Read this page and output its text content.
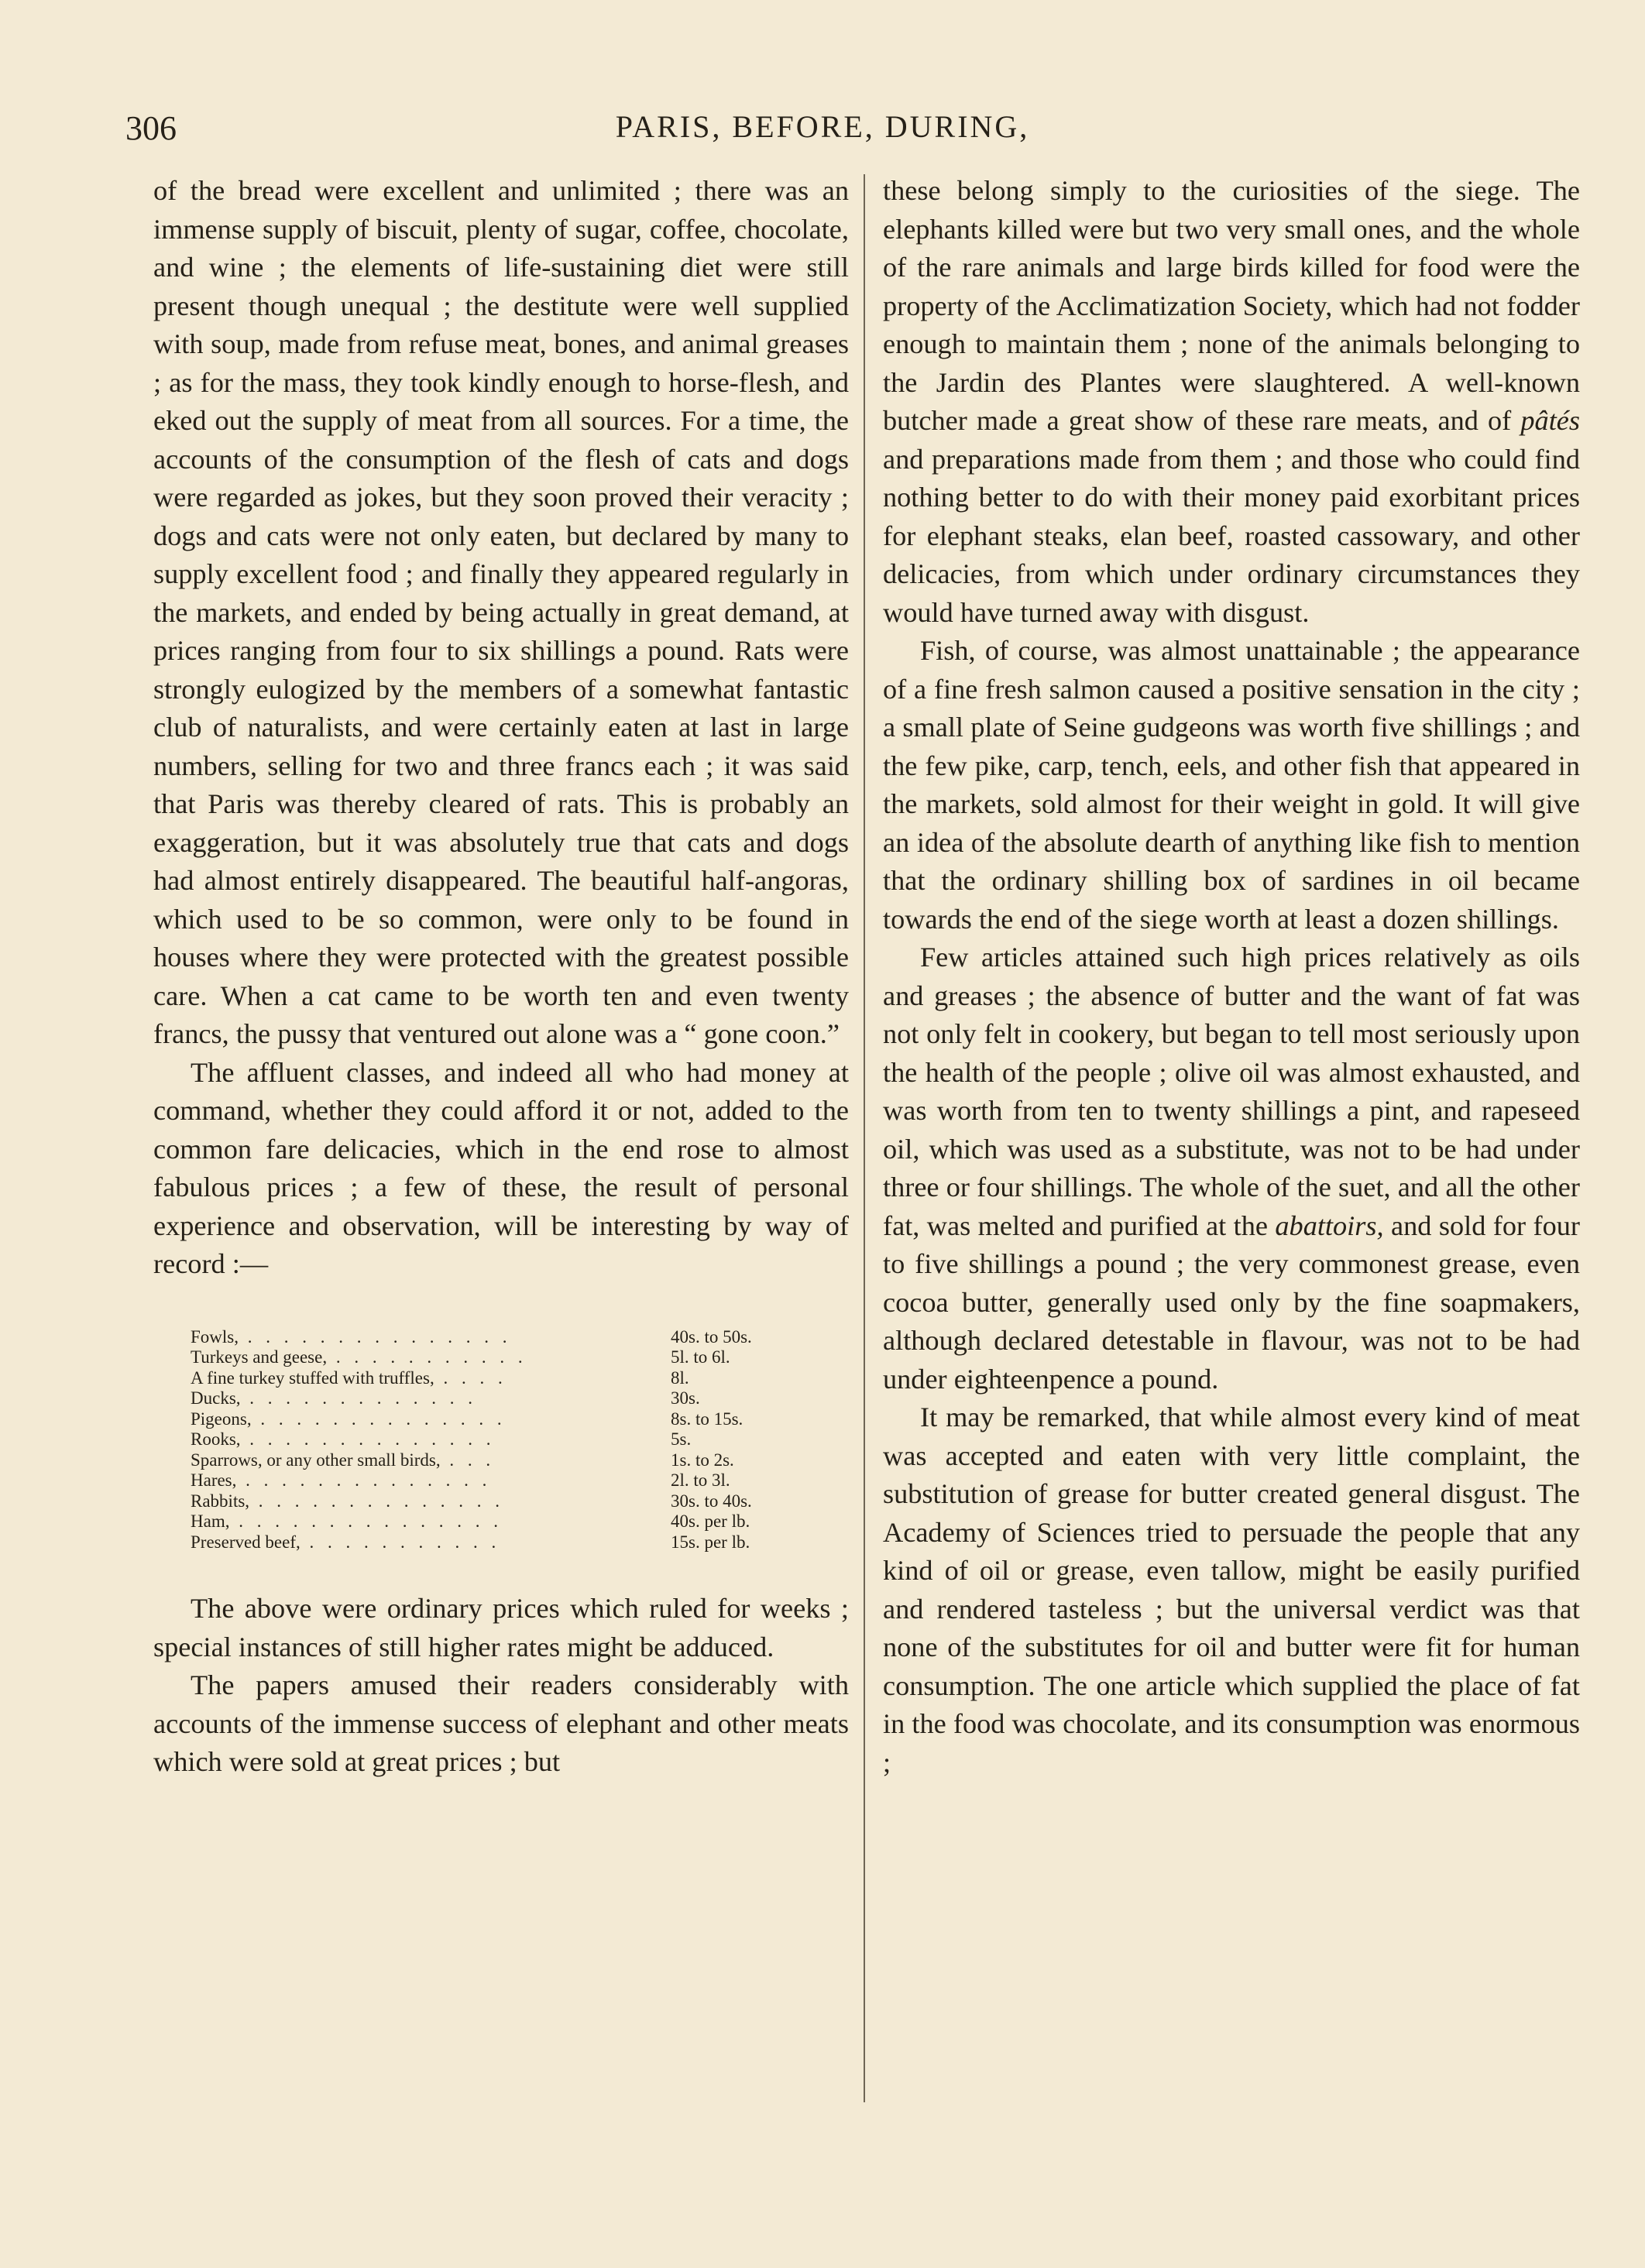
306	PARIS, BEFORE, DURING,

of the bread were excellent and unlimited ; there was an immense supply of biscuit, plenty of sugar, coffee, chocolate, and wine ; the elements of life-sustaining diet were still present though unequal ; the destitute were well supplied with soup, made from refuse meat, bones, and animal greases ; as for the mass, they took kindly enough to horse-flesh, and eked out the supply of meat from all sources. For a time, the accounts of the consumption of the flesh of cats and dogs were regarded as jokes, but they soon proved their veracity ; dogs and cats were not only eaten, but declared by many to supply excellent food ; and finally they appeared regularly in the markets, and ended by being actually in great demand, at prices ranging from four to six shillings a pound. Rats were strongly eulogized by the members of a somewhat fantastic club of naturalists, and were certainly eaten at last in large numbers, selling for two and three francs each ; it was said that Paris was thereby cleared of rats. This is probably an exaggeration, but it was absolutely true that cats and dogs had almost entirely disappeared. The beautiful half-angoras, which used to be so common, were only to be found in houses where they were protected with the greatest possible care. When a cat came to be worth ten and even twenty francs, the pussy that ventured out alone was a “ gone coon.”

The affluent classes, and indeed all who had money at command, whether they could afford it or not, added to the common fare delicacies, which in the end rose to almost fabulous prices ; a few of these, the result of personal experience and observation, will be interesting by way of record :—

Fowls, . . . . . . . . . . . . . . .	40s. to 50s.
Turkeys and geese, . . . . . . . . . . .	5l. to 6l.
A fine turkey stuffed with truffles, . . . .	8l.
Ducks, . . . . . . . . . . . . .	30s.
Pigeons, . . . . . . . . . . . . . .	8s. to 15s.
Rooks, . . . . . . . . . . . . . .	5s.
Sparrows, or any other small birds, . . .	1s. to 2s.
Hares, . . . . . . . . . . . . . .	2l. to 3l.
Rabbits, . . . . . . . . . . . . . .	30s. to 40s.
Ham, . . . . . . . . . . . . . . .	40s. per lb.
Preserved beef, . . . . . . . . . . .	15s. per lb.

The above were ordinary prices which ruled for weeks ; special instances of still higher rates might be adduced.

The papers amused their readers considerably with accounts of the immense success of elephant and other meats which were sold at great prices ; but

these belong simply to the curiosities of the siege. The elephants killed were but two very small ones, and the whole of the rare animals and large birds killed for food were the property of the Acclimatization Society, which had not fodder enough to maintain them ; none of the animals belonging to the Jardin des Plantes were slaughtered. A well-known butcher made a great show of these rare meats, and of pâtés and preparations made from them ; and those who could find nothing better to do with their money paid exorbitant prices for elephant steaks, elan beef, roasted cassowary, and other delicacies, from which under ordinary circumstances they would have turned away with disgust.

Fish, of course, was almost unattainable ; the appearance of a fine fresh salmon caused a positive sensation in the city ; a small plate of Seine gudgeons was worth five shillings ; and the few pike, carp, tench, eels, and other fish that appeared in the markets, sold almost for their weight in gold. It will give an idea of the absolute dearth of anything like fish to mention that the ordinary shilling box of sardines in oil became towards the end of the siege worth at least a dozen shillings.

Few articles attained such high prices relatively as oils and greases ; the absence of butter and the want of fat was not only felt in cookery, but began to tell most seriously upon the health of the people ; olive oil was almost exhausted, and was worth from ten to twenty shillings a pint, and rapeseed oil, which was used as a substitute, was not to be had under three or four shillings. The whole of the suet, and all the other fat, was melted and purified at the abattoirs, and sold for four to five shillings a pound ; the very commonest grease, even cocoa butter, generally used only by the fine soapmakers, although declared detestable in flavour, was not to be had under eighteenpence a pound.

It may be remarked, that while almost every kind of meat was accepted and eaten with very little complaint, the substitution of grease for butter created general disgust. The Academy of Sciences tried to persuade the people that any kind of oil or grease, even tallow, might be easily purified and rendered tasteless ; but the universal verdict was that none of the substitutes for oil and butter were fit for human consumption. The one article which supplied the place of fat in the food was chocolate, and its consumption was enormous ;
